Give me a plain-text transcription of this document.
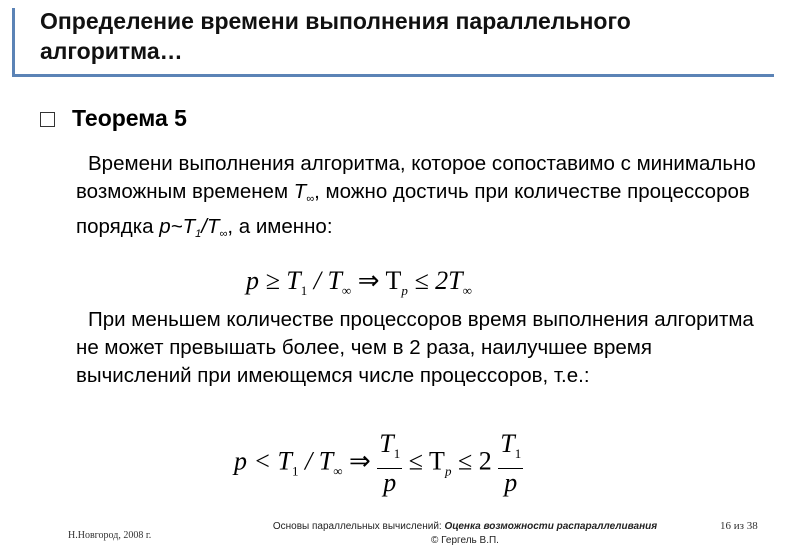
Определение времени выполнения параллельного алгоритма…
Теорема 5
Времени выполнения алгоритма, которое сопоставимо с минимально возможным временем $T_\infty$, можно достичь при количестве процессоров порядка $p\sim T_1/T_\infty$, а именно:
$p \ge T_1 / T_\infty$ ⇒ $T_p \le 2T_\infty$
При меньшем количестве процессоров время выполнения алгоритма не может превышать более, чем в 2 раза, наилучшее время вычислений при имеющемся числе процессоров, т.е.:
$p < T_1 / T_\infty$ ⇒ $\frac{T_1}{p} \le T_p \le 2 \frac{T_1}{p}$
Н.Новгород, 2008 г.
Основы параллельных вычислений: Оценка возможности распараллеливания
© Гергель В.П.
16 из 38
